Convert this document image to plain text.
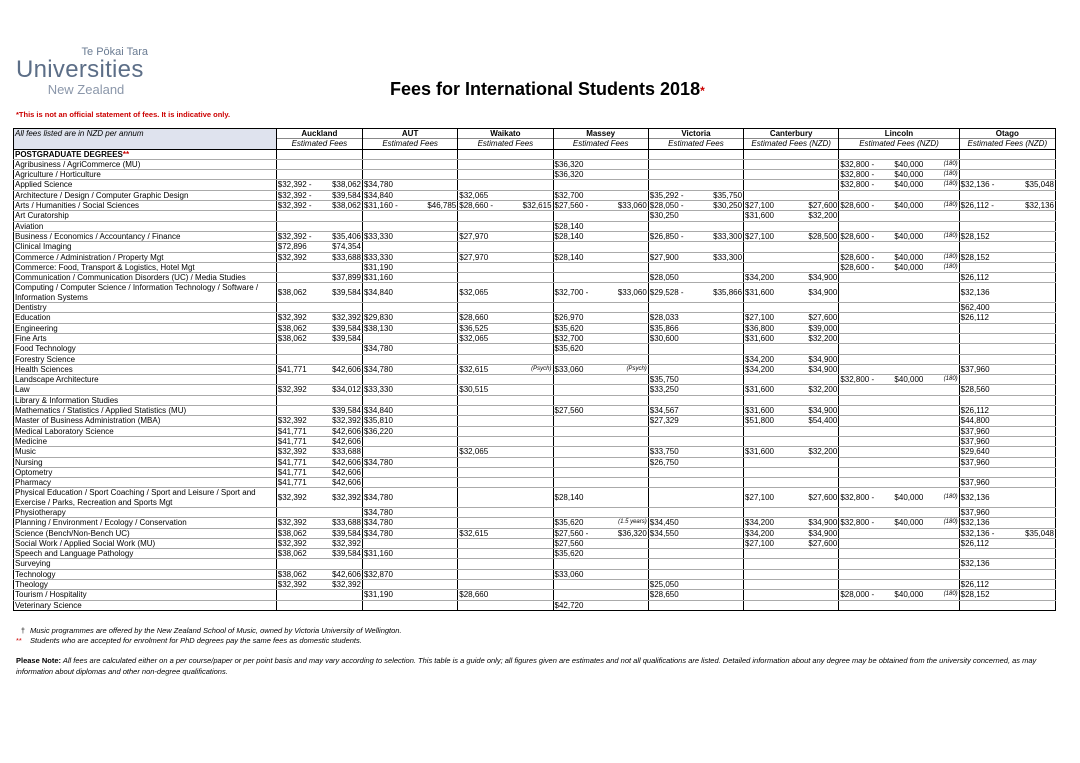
Te Pōkai Tara
Universities
New Zealand	Fees for International Students 2018*
*This is not an official statement of fees. It is indicative only.
All fees listed are in NZD per annum	Auckland	AUT	Waikato	Massey	Victoria	Canterbury	Lincoln	Otago
	Estimated Fees	Estimated Fees	Estimated Fees	Estimated Fees	Estimated Fees	Estimated Fees (NZD)	Estimated Fees (NZD)	Estimated Fees (NZD)
POSTGRADUATE DEGREES**								
Agribusiness / AgriCommerce (MU)				$36,320			$32,800 - $40,000 (180)	

Agriculture / Horticulture				$36,320			$32,800 - $40,000 (180)	

Applied Science	$32,392 - $38,062	$34,780					$32,800 - $40,000 (180)	$32,136 - $35,048

Architecture / Design / Computer Graphic Design	$32,392 - $39,584	$34,840	$32,065	$32,700	$35,292 - $35,750			

Arts / Humanities / Social Sciences	$32,392 - $38,062	$31,160 - $46,785	$28,660 - $32,615	$27,560 - $33,060	$28,050 - $30,250	$27,100 $27,600	$28,600 - $40,000 (180)	$26,112 - $32,136

Art Curatorship					$30,250	$31,600 $32,200		

Aviation				$28,140				

Business / Economics / Accountancy / Finance	$32,392 - $35,406	$33,330	$27,970	$28,140	$26,850 - $33,300	$27,100 $28,500	$28,600 - $40,000 (180)	$28,152

Clinical Imaging	$72,896 $74,354							

Commerce / Administration / Property Mgt	$32,392 $33,688	$33,330	$27,970	$28,140	$27,900 $33,300		$28,600 - $40,000 (180)	$28,152

Commerce: Food, Transport & Logistics, Hotel Mgt		$31,190					$28,600 - $40,000 (180)	

Communication / Communication Disorders (UC) / Media Studies	$37,899	$31,160			$28,050	$34,200 $34,900		$26,112

Computing / Computer Science / Information Technology / Software / Information Systems	$38,062 $39,584	$34,840	$32,065	$32,700 - $33,060	$29,528 - $35,866	$31,600 $34,900		$32,136

Dentistry								$62,400

Education	$32,392 $32,392	$29,830	$28,660	$26,970	$28,033	$27,100 $27,600		$26,112

Engineering	$38,062 $39,584	$38,130	$36,525	$35,620	$35,866	$36,800 $39,000		

Fine Arts	$38,062 $39,584		$32,065	$32,700	$30,600	$31,600 $32,200		

Food Technology		$34,780		$35,620				

Forestry Science						$34,200 $34,900		

Health Sciences	$41,771 $42,606	$34,780	$32,615 (Psych)	$33,060 (Psych)		$34,200 $34,900		$37,960

Landscape Architecture					$35,750		$32,800 - $40,000 (180)	

Law	$32,392 $34,012	$33,330	$30,515		$33,250	$31,600 $32,200		$28,560

Library & Information Studies								
Mathematics / Statistics / Applied Statistics (MU)	$39,584	$34,840		$27,560	$34,567	$31,600 $34,900		$26,112

Master of Business Administration (MBA)	$32,392 $32,392	$35,810			$27,329	$51,800 $54,400		$44,800

Medical Laboratory Science	$41,771 $42,606	$36,220						$37,960

Medicine	$41,771 $42,606							$37,960

Music	$32,392 $33,688		$32,065		$33,750	$31,600 $32,200		$29,640

Nursing	$41,771 $42,606	$34,780			$26,750			$37,960

Optometry	$41,771 $42,606							

Pharmacy	$41,771 $42,606							$37,960

Physical Education / Sport Coaching / Sport and Leisure / Sport and Exercise / Parks, Recreation and Sports Mgt	$32,392 $32,392	$34,780		$28,140		$27,100 $27,600	$32,800 - $40,000 (180)	$32,136

Physiotherapy		$34,780						$37,960

Planning / Environment / Ecology / Conservation	$32,392 $33,688	$34,780		$35,620 (1.5 years)	$34,450	$34,200 $34,900	$32,800 - $40,000 (180)	$32,136

Science (Bench/Non-Bench UC)	$38,062 $39,584	$34,780	$32,615	$27,560 - $36,320	$34,550	$34,200 $34,900		$32,136 - $35,048

Social Work / Applied Social Work (MU)	$32,392 $32,392			$27,560		$27,100 $27,600		$26,112

Speech and Language Pathology	$38,062 $39,584	$31,160		$35,620				

Surveying								$32,136

Technology	$38,062 $42,606	$32,870		$33,060				

Theology	$32,392 $32,392				$25,050			$26,112

Tourism / Hospitality		$31,190	$28,660		$28,650		$28,000 - $40,000 (180)	$28,152

Veterinary Science				$42,720				

† Music programmes are offered by the New Zealand School of Music, owned by Victoria University of Wellington.
** Students who are accepted for enrolment for PhD degrees pay the same fees as domestic students.
Please Note: All fees are calculated either on a per course/paper or per point basis and may vary according to selection. This table is a guide only; all figures given are estimates and not all qualifications are listed. Detailed information about any degree may be obtained from the university concerned, as may information about diplomas and other non-degree qualifications.
